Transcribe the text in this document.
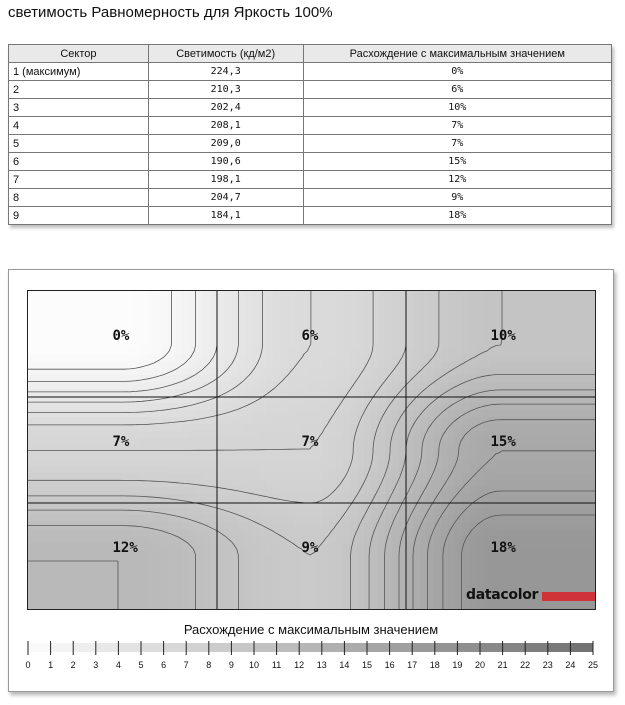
светимость Равномерность для Яркость 100%
Сектор	Светимость (кд/м2)	Расхождение с максимальным значением
1 (максимум)	224,3	0%
2	210,3	6%
3	202,4	10%
4	208,1	7%
5	209,0	7%
6	190,6	15%
7	198,1	12%
8	204,7	9%
9	184,1	18%
0%	6%	10%
7%	7%	15%
12%	9%	18%
datacolor
Расхождение с максимальным значением
0	1	2	3	4	5	6	7	8	9	10	11	12	13	14	15	16	17	18	19	20	21	22	23	24	25
